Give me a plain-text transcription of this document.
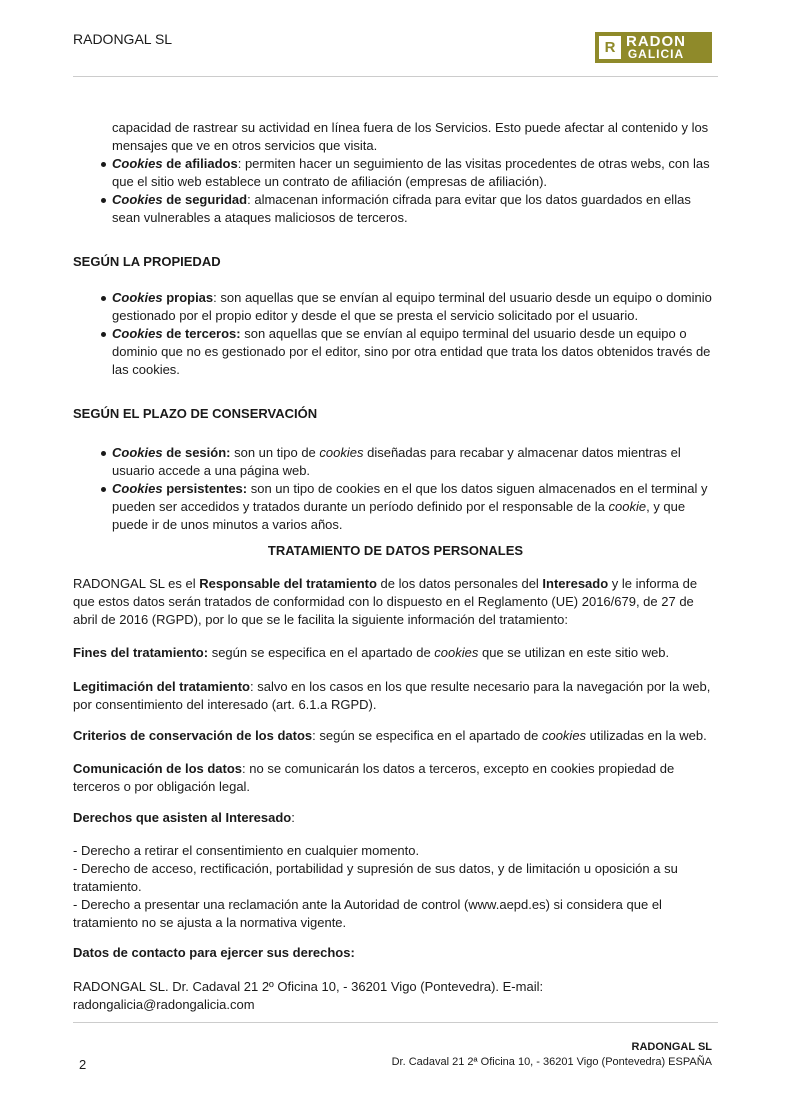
RADONGAL SL	R RADON
GALICIA

capacidad de rastrear su actividad en línea fuera de los Servicios. Esto puede afectar al contenido y los mensajes que ve en otros servicios que visita.

Cookies de afiliados: permiten hacer un seguimiento de las visitas procedentes de otras webs, con las que el sitio web establece un contrato de afiliación (empresas de afiliación).
Cookies de seguridad: almacenan información cifrada para evitar que los datos guardados en ellas sean vulnerables a ataques maliciosos de terceros.

SEGÚN LA PROPIEDAD

Cookies propias: son aquellas que se envían al equipo terminal del usuario desde un equipo o dominio gestionado por el propio editor y desde el que se presta el servicio solicitado por el usuario.
Cookies de terceros: son aquellas que se envían al equipo terminal del usuario desde un equipo o dominio que no es gestionado por el editor, sino por otra entidad que trata los datos obtenidos través de las cookies.

SEGÚN EL PLAZO DE CONSERVACIÓN

Cookies de sesión: son un tipo de cookies diseñadas para recabar y almacenar datos mientras el usuario accede a una página web.
Cookies persistentes: son un tipo de cookies en el que los datos siguen almacenados en el terminal y pueden ser accedidos y tratados durante un período definido por el responsable de la cookie, y que puede ir de unos minutos a varios años.

TRATAMIENTO DE DATOS PERSONALES

RADONGAL SL es el Responsable del tratamiento de los datos personales del Interesado y le informa de que estos datos serán tratados de conformidad con lo dispuesto en el Reglamento (UE) 2016/679, de 27 de abril de 2016 (RGPD), por lo que se le facilita la siguiente información del tratamiento:

Fines del tratamiento: según se especifica en el apartado de cookies que se utilizan en este sitio web.

Legitimación del tratamiento: salvo en los casos en los que resulte necesario para la navegación por la web, por consentimiento del interesado (art. 6.1.a RGPD).

Criterios de conservación de los datos: según se especifica en el apartado de cookies utilizadas en la web.

Comunicación de los datos: no se comunicarán los datos a terceros, excepto en cookies propiedad de terceros o por obligación legal.

Derechos que asisten al Interesado:

- Derecho a retirar el consentimiento en cualquier momento.

- Derecho de acceso, rectificación, portabilidad y supresión de sus datos, y de limitación u oposición a su tratamiento.

- Derecho a presentar una reclamación ante la Autoridad de control (www.aepd.es) si considera que el tratamiento no se ajusta a la normativa vigente.

Datos de contacto para ejercer sus derechos:

RADONGAL SL. Dr. Cadaval 21 2º Oficina 10, - 36201 Vigo (Pontevedra). E-mail: radongalicia@radongalicia.com

2
RADONGAL SL
Dr. Cadaval 21 2ª Oficina 10, - 36201 Vigo (Pontevedra) ESPAÑA
